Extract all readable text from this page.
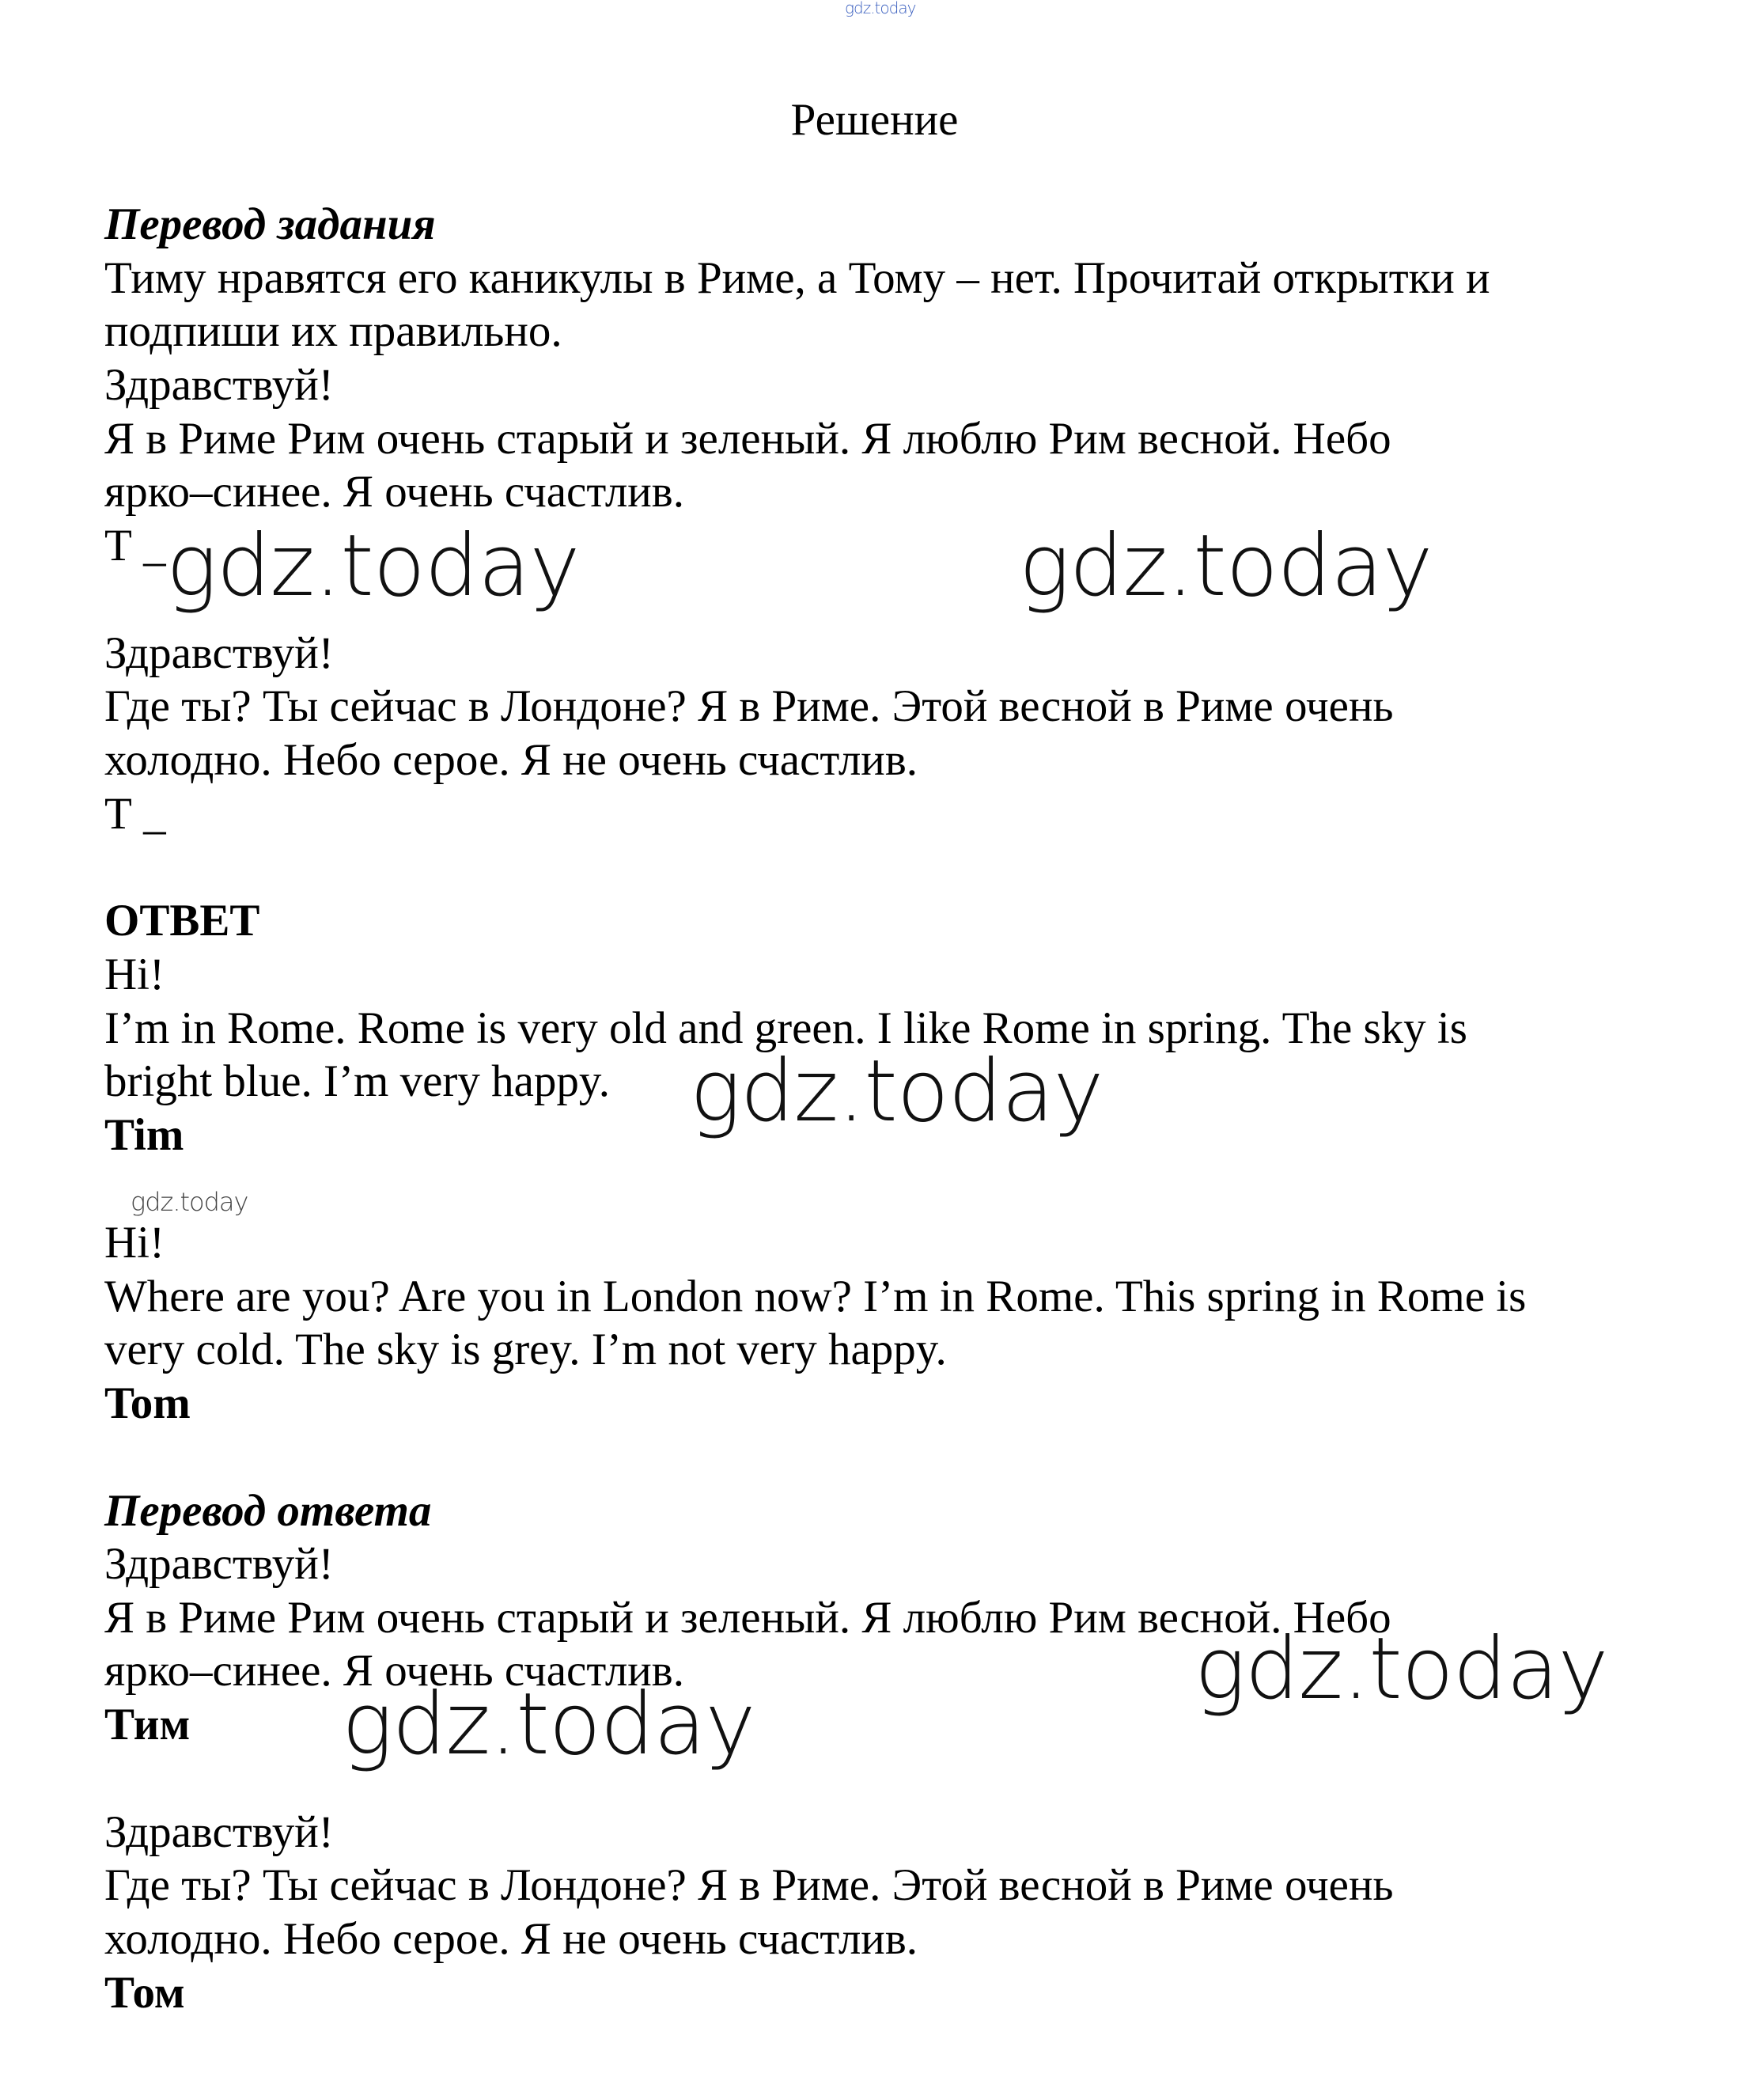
gdz.today
Решение
Перевод задания
Тиму нравятся его каникулы в Риме, а Тому – нет. Прочитай открытки и
подпиши их правильно.
Здравствуй!
Я в Риме Рим очень старый и зеленый. Я люблю Рим весной. Небо
ярко–синее. Я очень счастлив.
Т _ gdz.today	gdz.today
Здравствуй!
Где ты? Ты сейчас в Лондоне? Я в Риме. Этой весной в Риме очень
холодно. Небо серое. Я не очень счастлив.
Т _
ОТВЕТ
Hi!
I’m in Rome. Rome is very old and green. I like Rome in spring. The sky is
bright blue. I’m very happy.
Tim	gdz.today
gdz.today
Hi!
Where are you? Are you in London now? I’m in Rome. This spring in Rome is
very cold. The sky is grey. I’m not very happy.
Tom
Перевод ответа
Здравствуй!
Я в Риме Рим очень старый и зеленый. Я люблю Рим весной. Небо
ярко–синее. Я очень счастлив.
Тим
gdz.today
gdz.today
Здравствуй!
Где ты? Ты сейчас в Лондоне? Я в Риме. Этой весной в Риме очень
холодно. Небо серое. Я не очень счастлив.
Том
